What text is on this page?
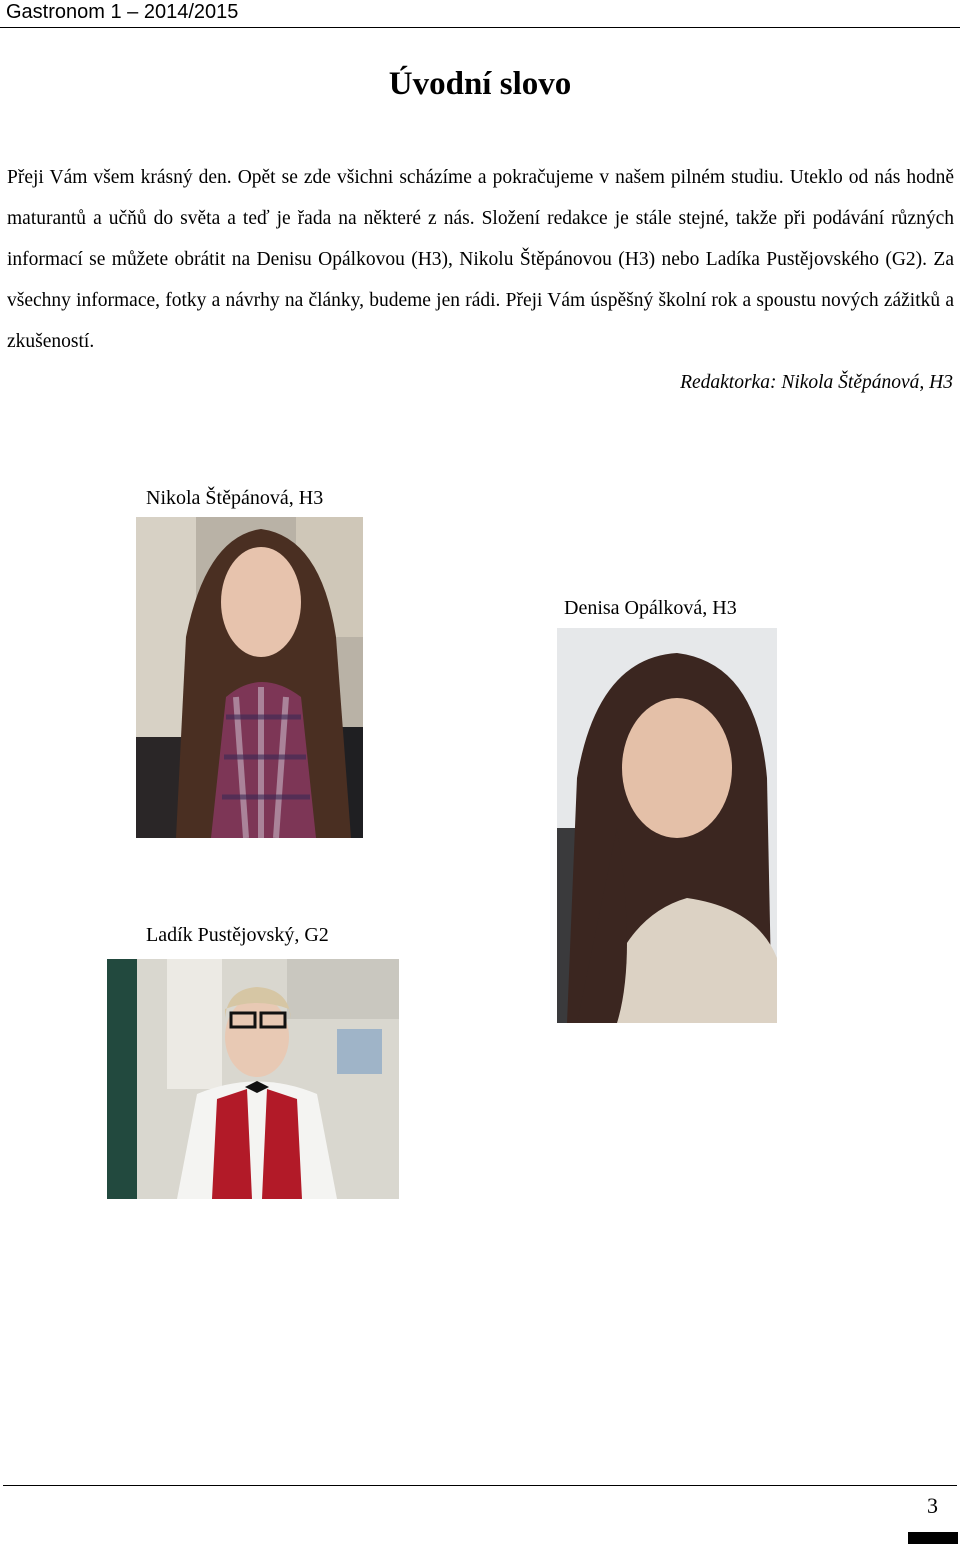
Gastronom 1 – 2014/2015
Úvodní slovo

Přeji Vám všem krásný den. Opět se zde všichni scházíme a pokračujeme v našem pilném studiu. Uteklo od nás hodně maturantů a učňů do světa a teď je řada na některé z nás. Složení redakce je stále stejné, takže při podávání různých informací se můžete obrátit na Denisu Opálkovou (H3), Nikolu Štěpánovou (H3) nebo Ladíka Pustějovského (G2). Za všechny informace, fotky a návrhy na články, budeme jen rádi. Přeji Vám úspěšný školní rok a spoustu nových zážitků a zkušeností.

Redaktorka: Nikola Štěpánová, H3
Nikola Štěpánová, H3
Denisa Opálková, H3
Ladík Pustějovský, G2
3
